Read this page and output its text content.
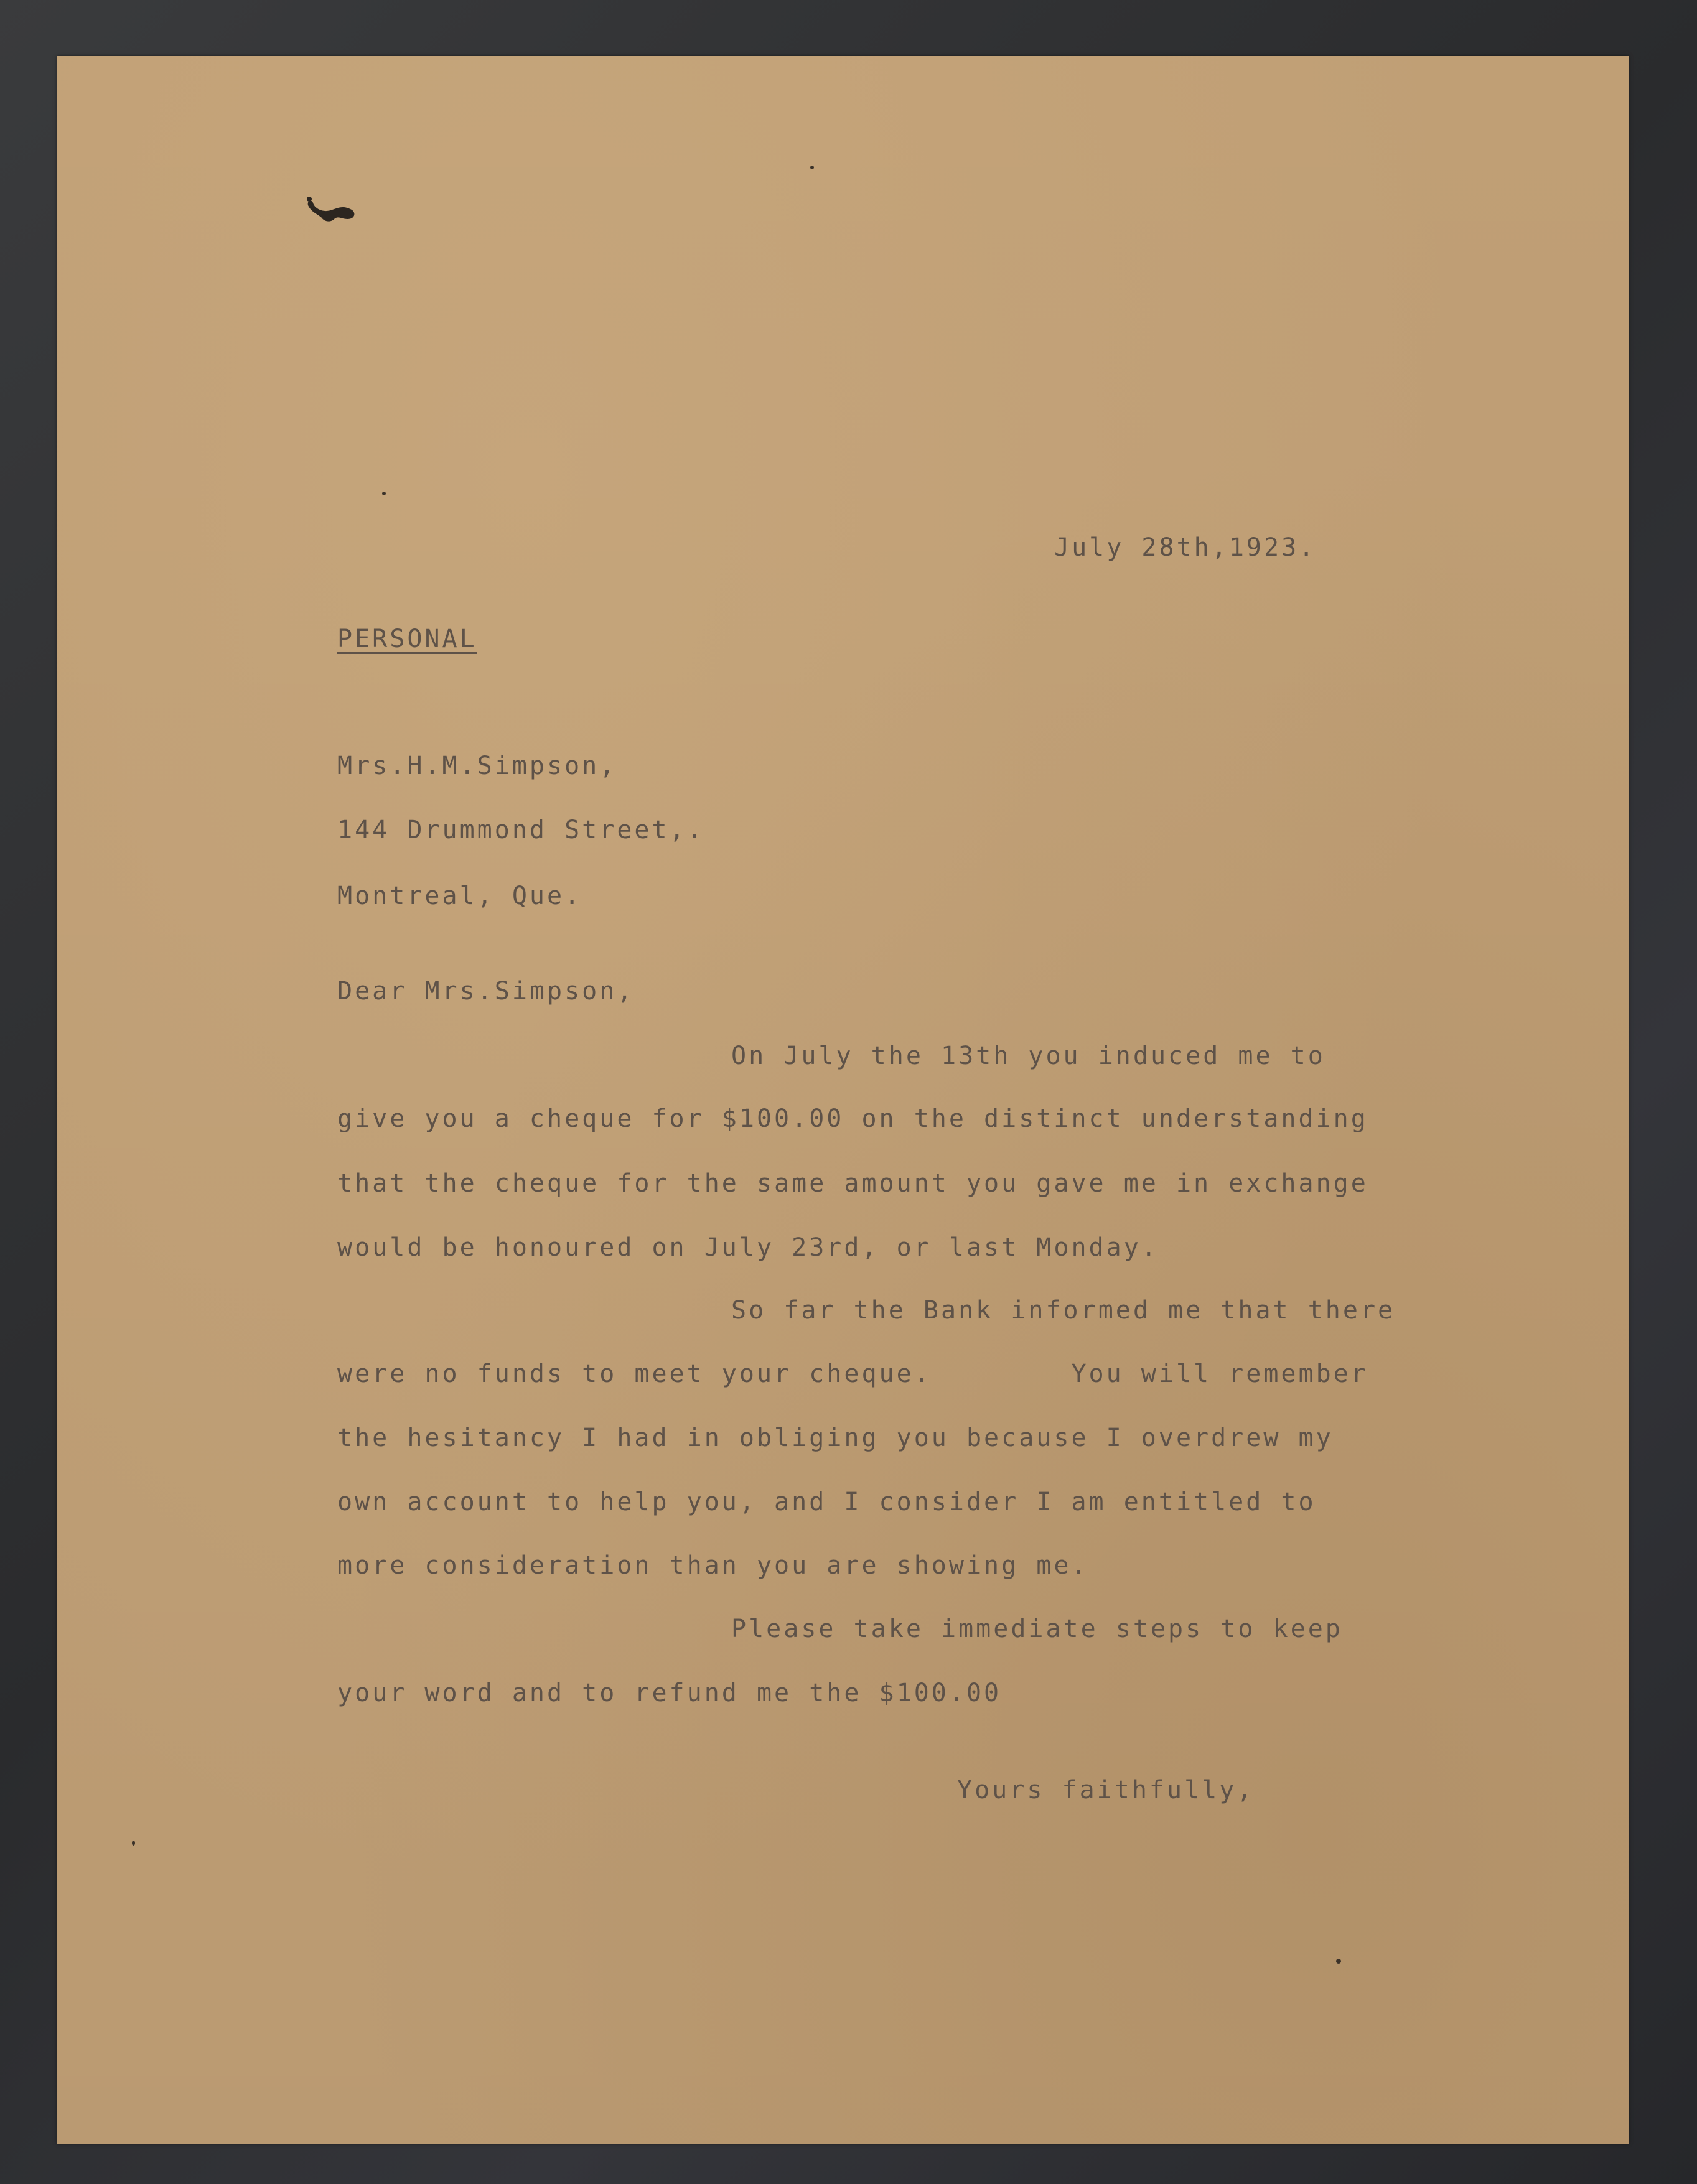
July 28th,1923.
PERSONAL
Mrs.H.M.Simpson,
144 Drummond Street,.
Montreal, Que.
Dear Mrs.Simpson,
On July the 13th you induced me to
give you a cheque for $100.00 on the distinct understanding
that the cheque for the same amount you gave me in exchange
would be honoured on July 23rd, or last Monday.
So far the Bank informed me that there
were no funds to meet your cheque.        You will remember
the hesitancy I had in obliging you because I overdrew my
own account to help you, and I consider I am entitled to
more consideration than you are showing me.
Please take immediate steps to keep
your word and to refund me the $100.00
Yours faithfully,
